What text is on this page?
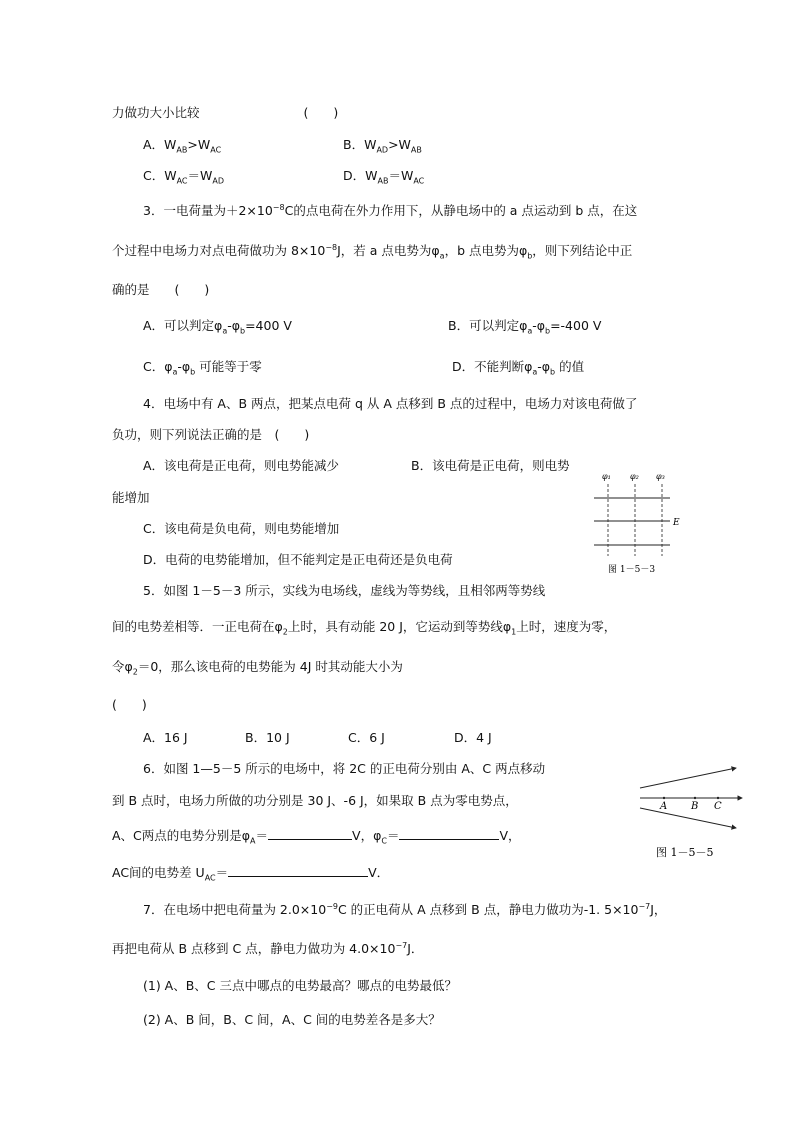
力做功大小比较	(　　)
A．$W_{AB}>W_{AC}$	B．$W_{AD}>W_{AB}$
C．$W_{AC}=W_{AD}$	D．$W_{AB}=W_{AC}$
3．一电荷量为$+2\times 10^{-8}C$的点电荷在外力作用下，从静电场中的 a 点运动到 b 点，在这
个过程中电场力对点电荷做功为 $8\times 10^{-8}J$，若 a 点电势为$\varphi_a$，b 点电势为$\varphi_b$，则下列结论中正
确的是　　(　　)
A．可以判定$\varphi_a-\varphi_b=400$ V	B．可以判定$\varphi_a-\varphi_b=-400$ V
C．$\varphi_a-\varphi_b$ 可能等于零	D．不能判断$\varphi_a-\varphi_b$ 的值
4．电场中有 A、B 两点，把某点电荷 q 从 A 点移到 B 点的过程中，电场力对该电荷做了
负功，则下列说法正确的是　(　　)
A．该电荷是正电荷，则电势能减少	B．该电荷是正电荷，则电势
能增加
C．该电荷是负电荷，则电势能增加
D．电荷的电势能增加，但不能判定是正电荷还是负电荷
φ₁ φ₂ φ₃
E
图 1－5－3
5．如图 1－5－3 所示，实线为电场线，虚线为等势线，且相邻两等势线
间的电势差相等．一正电荷在$\varphi_2$上时，具有动能 20 J，它运动到等势线$\varphi_1$上时，速度为零，
令$\varphi_2=0$，那么该电荷的电势能为 4J 时其动能大小为
(　　)
A．16 J	B．10 J	C．6 J	D．4 J
6．如图 1—5－5 所示的电场中，将 2C 的正电荷分别由 A、C 两点移动
到 B 点时，电场力所做的功分别是 30 J、-6 J，如果取 B 点为零电势点，
A、C两点的电势分别是$\varphi_A=$	V，$\varphi_C=$	V，
AC间的电势差 $U_{AC}=$	V．
A B C
图 1－5－5
7．在电场中把电荷量为 $2.0\times 10^{-9}C$ 的正电荷从 A 点移到 B 点，静电力做功为-1. $5\times 10^{-7}J$，
再把电荷从 B 点移到 C 点，静电力做功为 $4.0\times 10^{-7}J$．
(1) A、B、C 三点中哪点的电势最高？哪点的电势最低？
(2) A、B 间，B、C 间，A、C 间的电势差各是多大？
